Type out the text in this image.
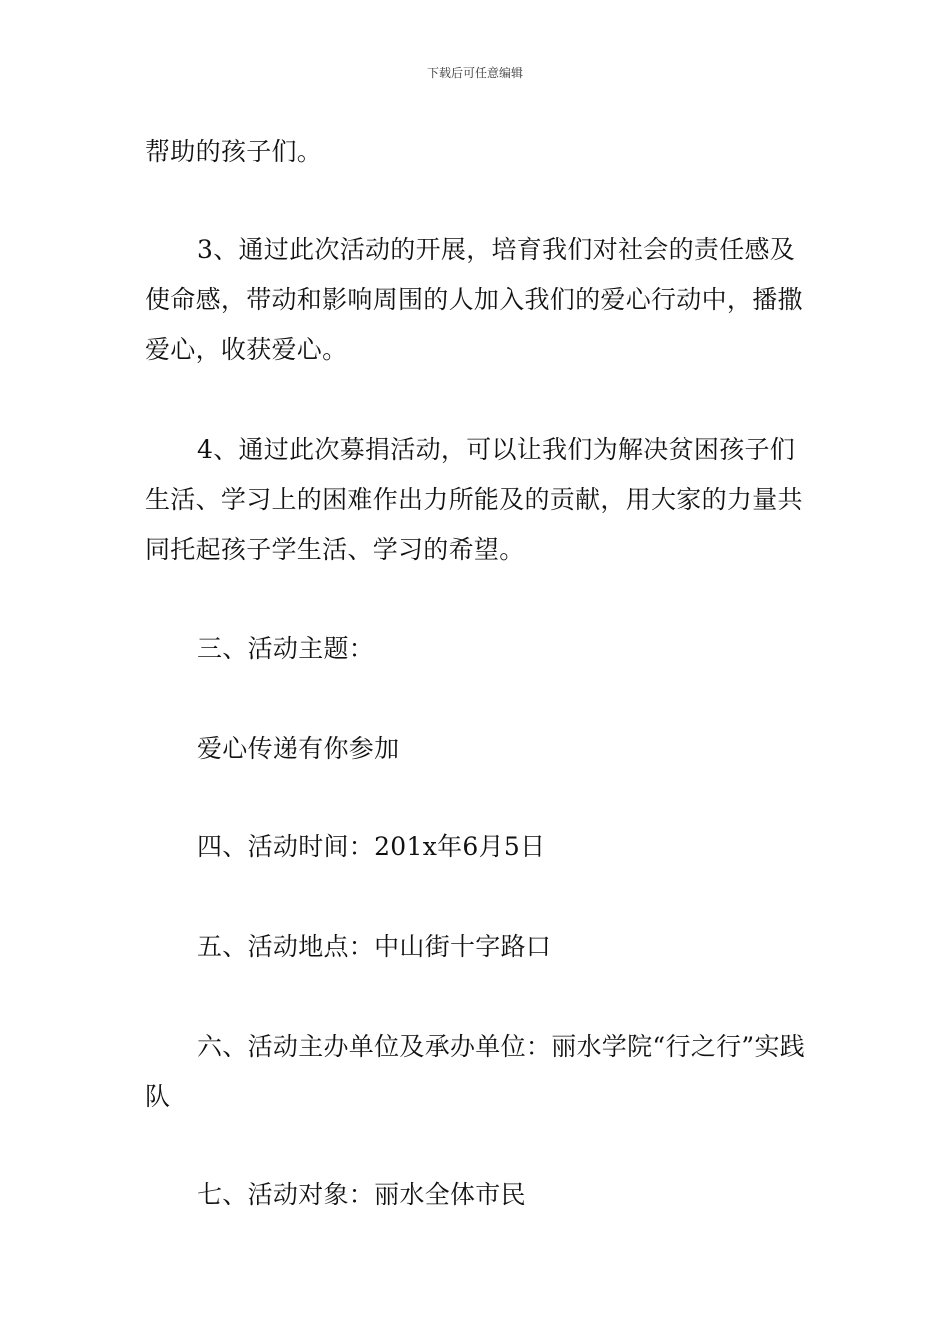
下载后可任意编辑

帮助的孩子们。

3、通过此次活动的开展，培育我们对社会的责任感及使命感，带动和影响周围的人加入我们的爱心行动中，播撒爱心，收获爱心。

4、通过此次募捐活动，可以让我们为解决贫困孩子们生活、学习上的困难作出力所能及的贡献，用大家的力量共同托起孩子学生活、学习的希望。

三、活动主题：

爱心传递有你参加

四、活动时间：201x年6月5日

五、活动地点：中山街十字路口

六、活动主办单位及承办单位：丽水学院“行之行”实践队

七、活动对象：丽水全体市民
